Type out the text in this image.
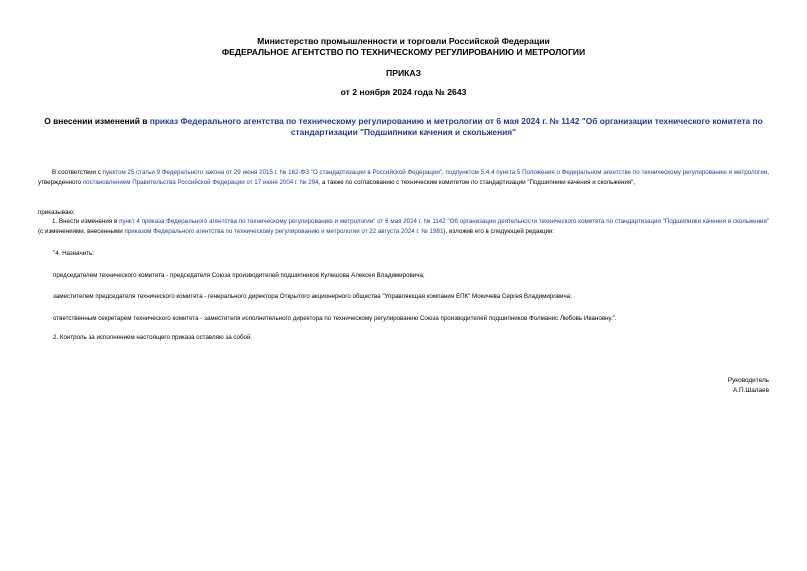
Министерство промышленности и торговли Российской Федерации
ФЕДЕРАЛЬНОЕ АГЕНТСТВО ПО ТЕХНИЧЕСКОМУ РЕГУЛИРОВАНИЮ И МЕТРОЛОГИИ
ПРИКАЗ
от 2 ноября 2024 года № 2643
О внесении изменений в приказ Федерального агентства по техническому регулированию и метрологии от 6 мая 2024 г. № 1142 "Об организации технического комитета по стандартизации "Подшипники качения и скольжения"
В соответствии с пунктом 25 статьи 9 Федерального закона от 29 июня 2015 г. № 162-ФЗ "О стандартизации в Российской Федерации", подпунктом 5.4.4 пункта 5 Положения о Федеральном агентстве по техническому регулированию и метрологии, утвержденного постановлением Правительства Российской Федерации от 17 июня 2004 г. № 294, а также по согласованию с техническим комитетом по стандартизации "Подшипники качения и скольжения",
приказываю:
1. Внести изменения в пункт 4 приказа Федерального агентства по техническому регулированию и метрологии" от 6 мая 2024 г. № 1142 "Об организации деятельности технического комитета по стандартизации "Подшипники качения и скольжения" (с изменениями, внесенными приказом Федерального агентства по техническому регулированию и метрологии от 22 августа 2024 г. № 1981), изложив его в следующей редакции:
"4. Назначить:
председателем технического комитета - председателя Союза производителей подшипников Кулешова Алексея Владимировича;
заместителем председателя технического комитета - генерального директора Открытого акционерного общества "Управляющая компания ЕПК" Мокичева Сергея Владимировича;
ответственным секретарем технического комитета - заместителя исполнительного директора по техническому регулированию Союза производителей подшипников Фолманис Любовь Ивановну.".
2. Контроль за исполнением настоящего приказа оставляю за собой.
Руководитель
А.П.Шалаев
